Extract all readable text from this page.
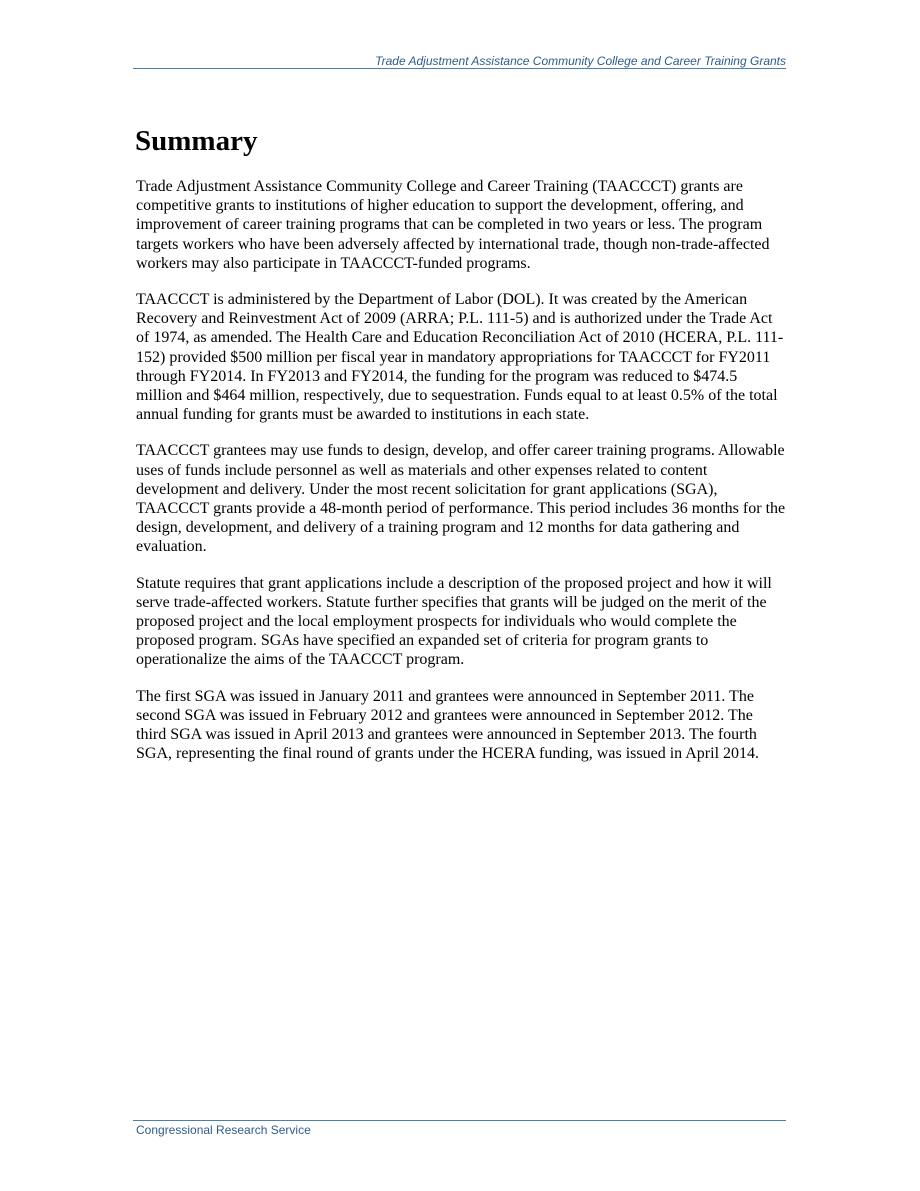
Trade Adjustment Assistance Community College and Career Training Grants
Summary

Trade Adjustment Assistance Community College and Career Training (TAACCCT) grants are competitive grants to institutions of higher education to support the development, offering, and improvement of career training programs that can be completed in two years or less. The program targets workers who have been adversely affected by international trade, though non-trade-affected workers may also participate in TAACCCT-funded programs.

TAACCCT is administered by the Department of Labor (DOL). It was created by the American Recovery and Reinvestment Act of 2009 (ARRA; P.L. 111-5) and is authorized under the Trade Act of 1974, as amended. The Health Care and Education Reconciliation Act of 2010 (HCERA, P.L. 111-152) provided $500 million per fiscal year in mandatory appropriations for TAACCCT for FY2011 through FY2014. In FY2013 and FY2014, the funding for the program was reduced to $474.5 million and $464 million, respectively, due to sequestration. Funds equal to at least 0.5% of the total annual funding for grants must be awarded to institutions in each state.

TAACCCT grantees may use funds to design, develop, and offer career training programs. Allowable uses of funds include personnel as well as materials and other expenses related to content development and delivery. Under the most recent solicitation for grant applications (SGA), TAACCCT grants provide a 48-month period of performance. This period includes 36 months for the design, development, and delivery of a training program and 12 months for data gathering and evaluation.

Statute requires that grant applications include a description of the proposed project and how it will serve trade-affected workers. Statute further specifies that grants will be judged on the merit of the proposed project and the local employment prospects for individuals who would complete the proposed program. SGAs have specified an expanded set of criteria for program grants to operationalize the aims of the TAACCCT program.

The first SGA was issued in January 2011 and grantees were announced in September 2011. The second SGA was issued in February 2012 and grantees were announced in September 2012. The third SGA was issued in April 2013 and grantees were announced in September 2013. The fourth SGA, representing the final round of grants under the HCERA funding, was issued in April 2014.

Congressional Research Service
